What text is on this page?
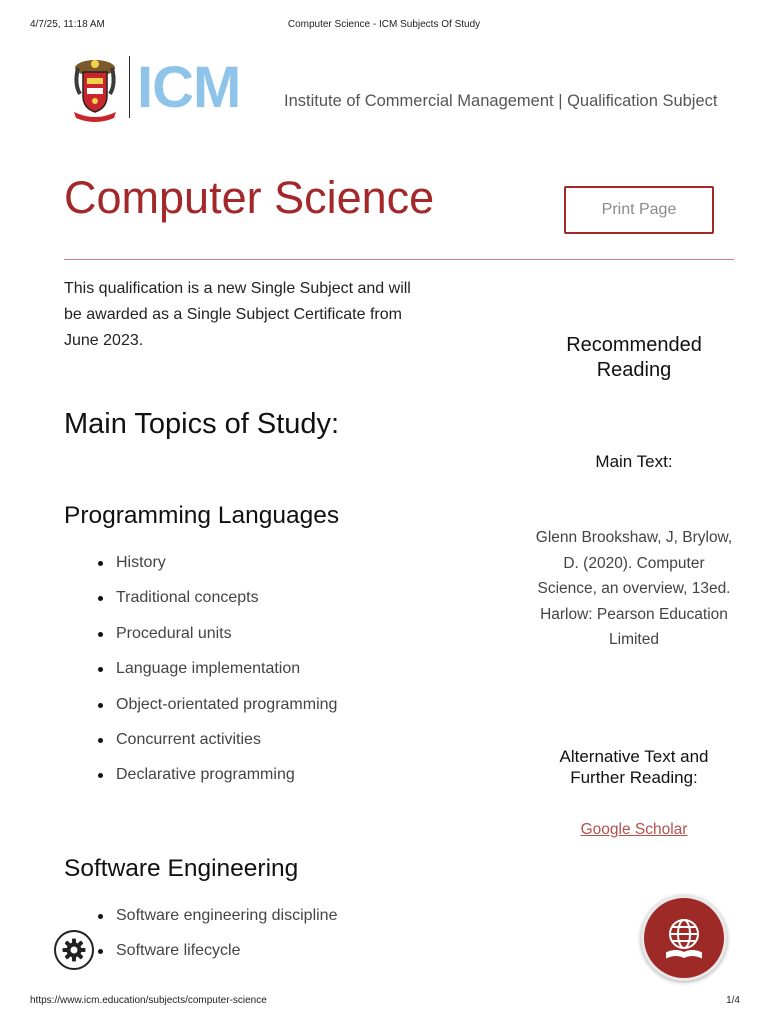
4/7/25, 11:18 AM	Computer Science - ICM Subjects Of Study
ICM	Institute of Commercial Management | Qualification Subject
Computer Science	Print Page
This qualification is a new Single Subject and will be awarded as a Single Subject Certificate from June 2023.
Main Topics of Study:
Programming Languages
History
Traditional concepts
Procedural units
Language implementation
Object-orientated programming
Concurrent activities
Declarative programming
Software Engineering
Software engineering discipline
Software lifecycle
Recommended Reading
Main Text:
Glenn Brookshaw, J, Brylow, D. (2020). Computer Science, an overview, 13ed. Harlow: Pearson Education Limited
Alternative Text and Further Reading:
Google Scholar
https://www.icm.education/subjects/computer-science	1/4
